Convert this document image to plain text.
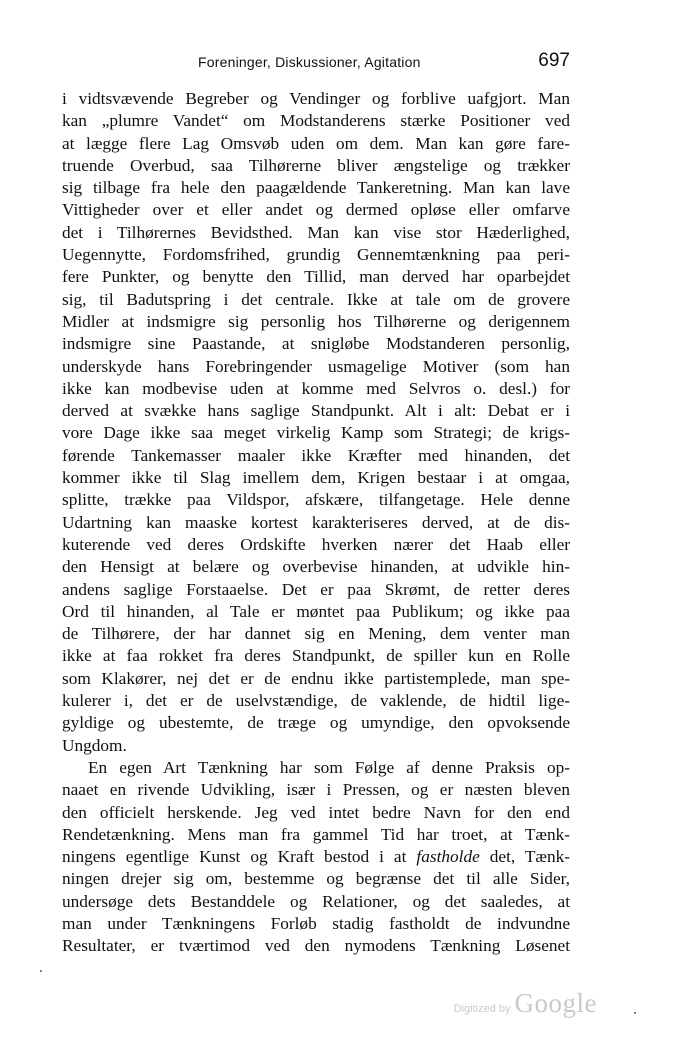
Foreninger, Diskussioner, Agitation	697
i vidtsvævende Begreber og Vendinger og forblive uafgjort. Man
kan „plumre Vandet“ om Modstanderens stærke Positioner ved
at lægge flere Lag Omsvøb uden om dem. Man kan gøre fare-
truende Overbud, saa Tilhørerne bliver ængstelige og trækker
sig tilbage fra hele den paagældende Tankeretning. Man kan lave
Vittigheder over et eller andet og dermed opløse eller omfarve
det i Tilhørernes Bevidsthed. Man kan vise stor Hæderlighed,
Uegennytte, Fordomsfrihed, grundig Gennemtænkning paa peri-
fere Punkter, og benytte den Tillid, man derved har oparbejdet
sig, til Badutspring i det centrale. Ikke at tale om de grovere
Midler at indsmigre sig personlig hos Tilhørerne og derigennem
indsmigre sine Paastande, at snigløbe Modstanderen personlig,
underskyde hans Forebringender usmagelige Motiver (som han
ikke kan modbevise uden at komme med Selvros o. desl.) for
derved at svække hans saglige Standpunkt. Alt i alt: Debat er i
vore Dage ikke saa meget virkelig Kamp som Strategi; de krigs-
førende Tankemasser maaler ikke Kræfter med hinanden, det
kommer ikke til Slag imellem dem, Krigen bestaar i at omgaa,
splitte, trække paa Vildspor, afskære, tilfangetage. Hele denne
Udartning kan maaske kortest karakteriseres derved, at de dis-
kuterende ved deres Ordskifte hverken nærer det Haab eller
den Hensigt at belære og overbevise hinanden, at udvikle hin-
andens saglige Forstaaelse. Det er paa Skrømt, de retter deres
Ord til hinanden, al Tale er møntet paa Publikum; og ikke paa
de Tilhørere, der har dannet sig en Mening, dem venter man
ikke at faa rokket fra deres Standpunkt, de spiller kun en Rolle
som Klakører, nej det er de endnu ikke partistemplede, man spe-
kulerer i, det er de uselvstændige, de vaklende, de hidtil lige-
gyldige og ubestemte, de træge og umyndige, den opvoksende
Ungdom.
En egen Art Tænkning har som Følge af denne Praksis op-
naaet en rivende Udvikling, især i Pressen, og er næsten bleven
den officielt herskende. Jeg ved intet bedre Navn for den end
Rendetænkning. Mens man fra gammel Tid har troet, at Tænk-
ningens egentlige Kunst og Kraft bestod i at fastholde det, Tænk-
ningen drejer sig om, bestemme og begrænse det til alle Sider,
undersøge dets Bestanddele og Relationer, og det saaledes, at
man under Tænkningens Forløb stadig fastholdt de indvundne
Resultater, er tværtimod ved den nymodens Tænkning Løsenet
Digitized by Google
